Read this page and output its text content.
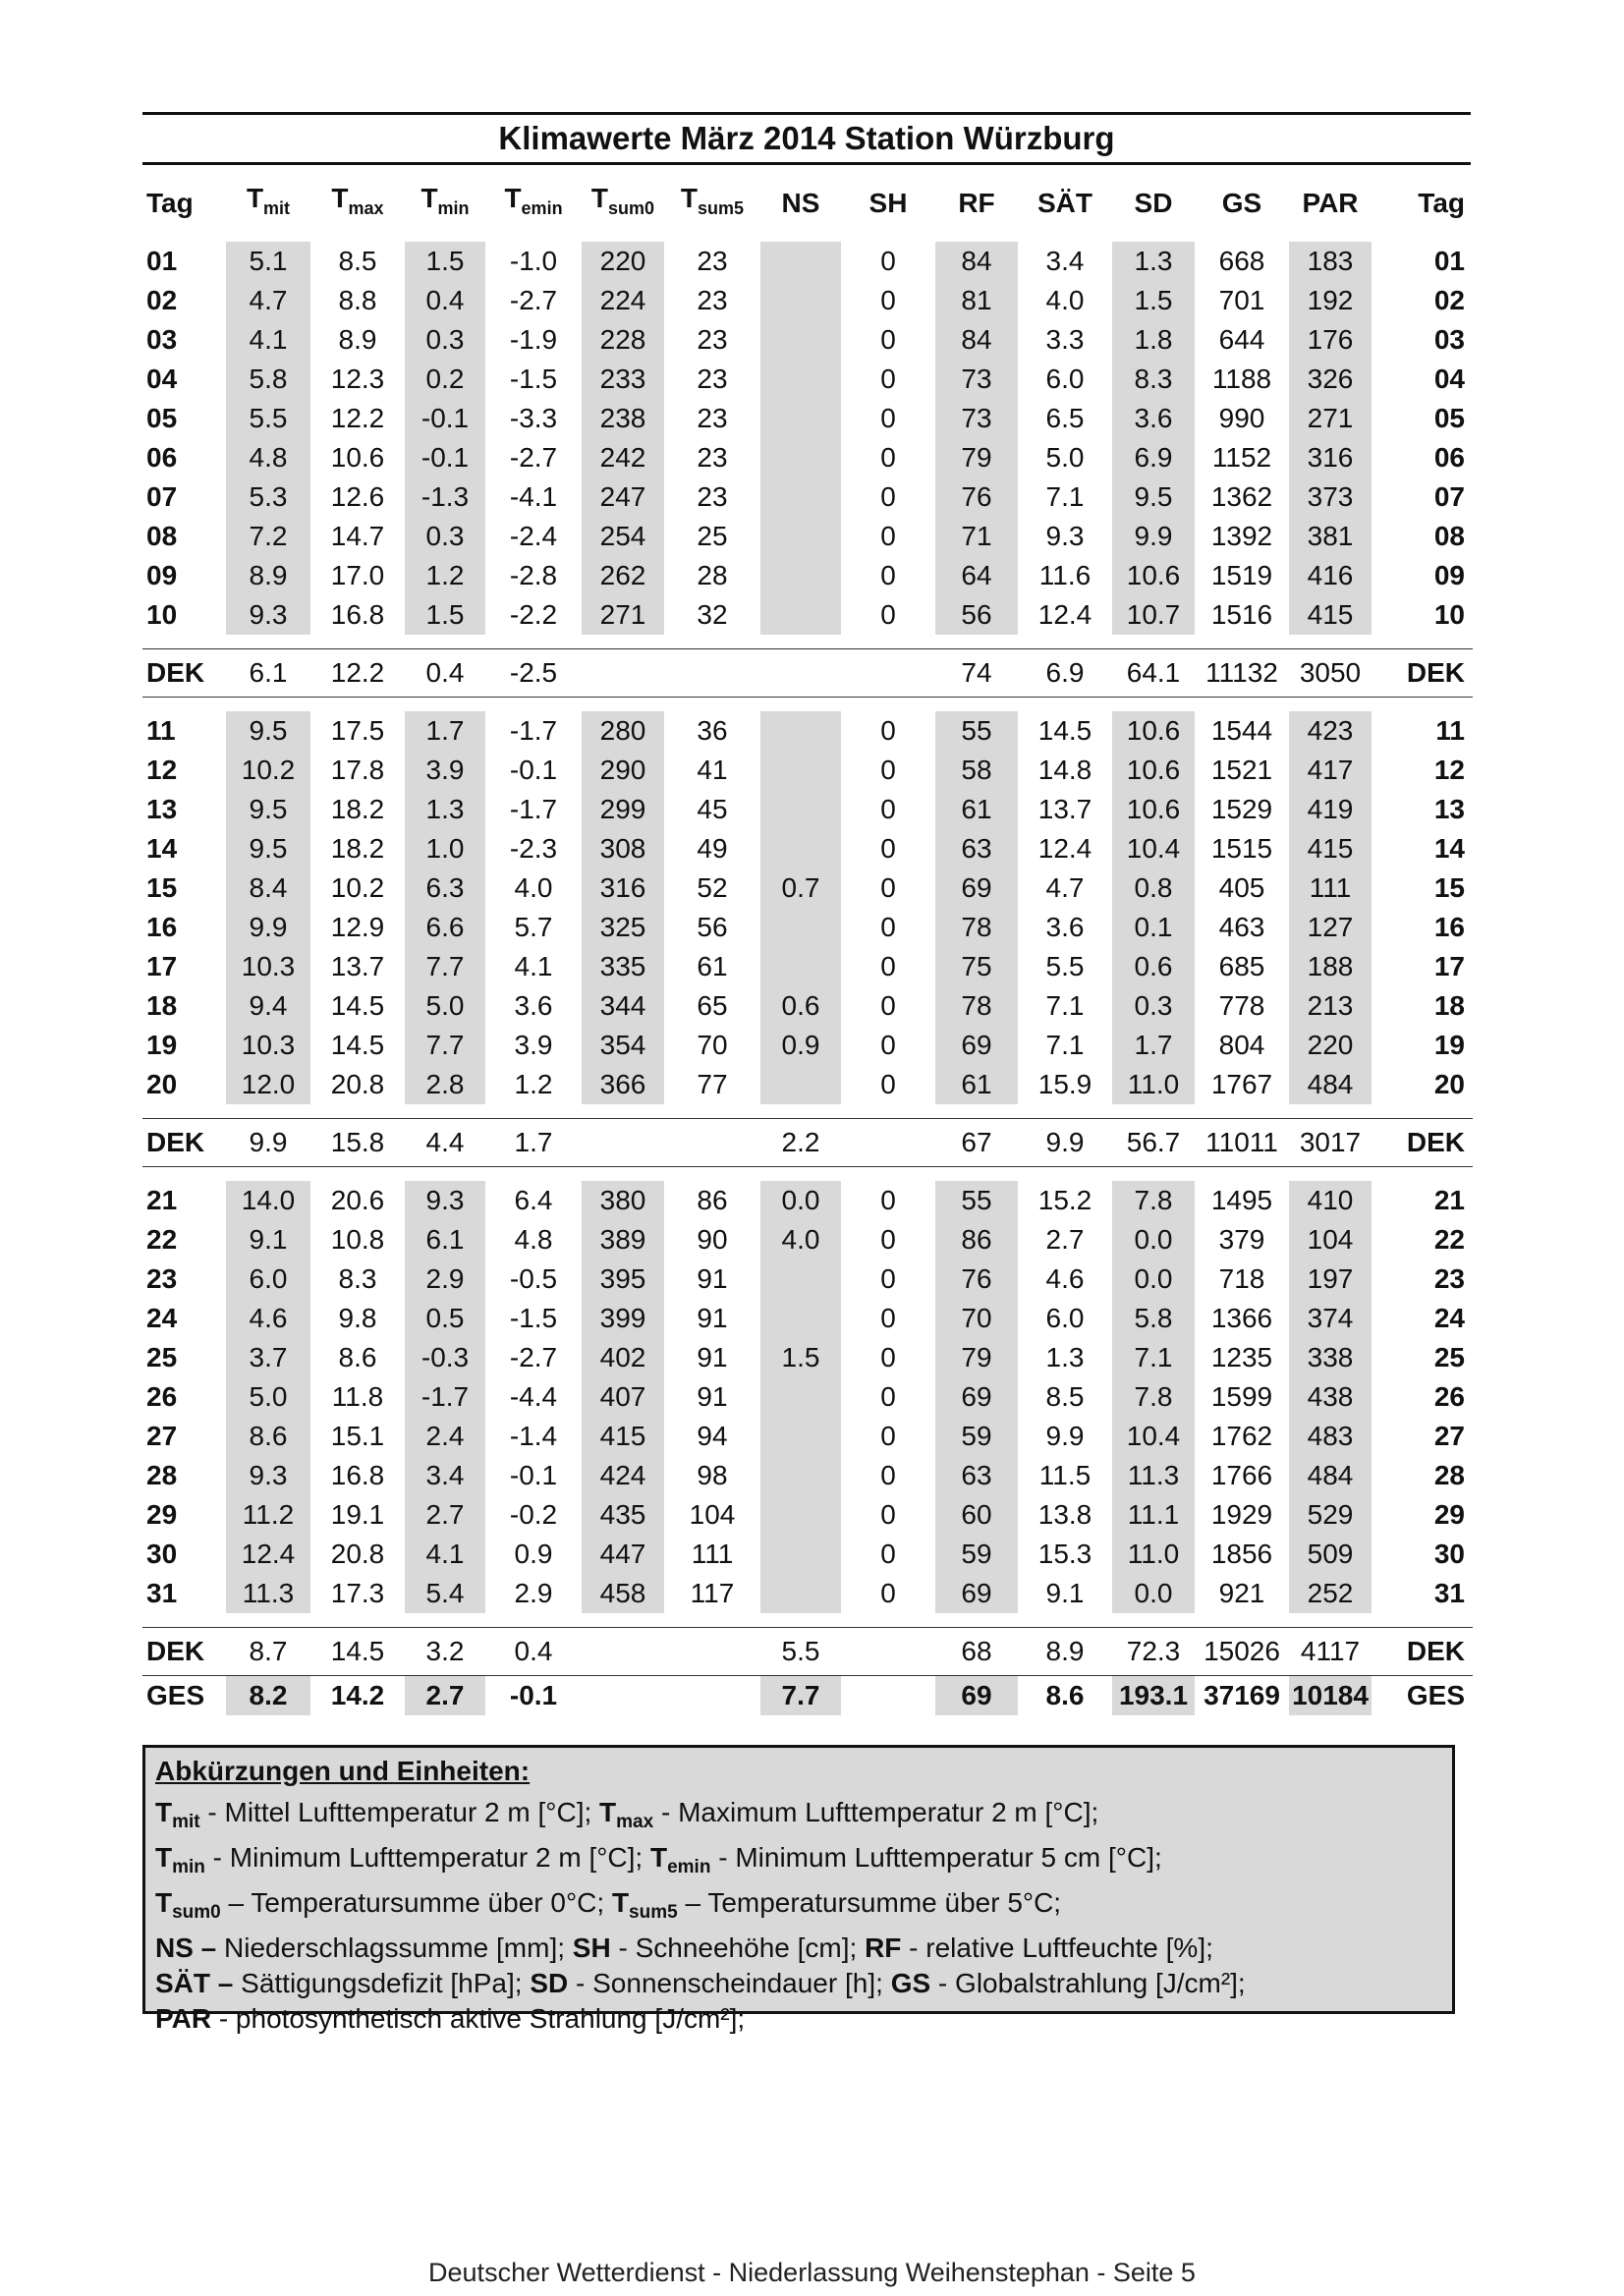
Klimawerte März 2014 Station Würzburg
Tag	$T_{mit}$	$T_{max}$	$T_{min}$	$T_{emin}$	$T_{sum0}$	$T_{sum5}$	NS	SH	RF	SÄT	SD	GS	PAR	Tag

01	5.1	8.5	1.5	-1.0	220	23		0	84	3.4	1.3	668	183	01
02	4.7	8.8	0.4	-2.7	224	23		0	81	4.0	1.5	701	192	02
03	4.1	8.9	0.3	-1.9	228	23		0	84	3.3	1.8	644	176	03
04	5.8	12.3	0.2	-1.5	233	23		0	73	6.0	8.3	1188	326	04
05	5.5	12.2	-0.1	-3.3	238	23		0	73	6.5	3.6	990	271	05
06	4.8	10.6	-0.1	-2.7	242	23		0	79	5.0	6.9	1152	316	06
07	5.3	12.6	-1.3	-4.1	247	23		0	76	7.1	9.5	1362	373	07
08	7.2	14.7	0.3	-2.4	254	25		0	71	9.3	9.9	1392	381	08
09	8.9	17.0	1.2	-2.8	262	28		0	64	11.6	10.6	1519	416	09
10	9.3	16.8	1.5	-2.2	271	32		0	56	12.4	10.7	1516	415	10

DEK	6.1	12.2	0.4	-2.5					74	6.9	64.1	11132	3050	DEK

11	9.5	17.5	1.7	-1.7	280	36		0	55	14.5	10.6	1544	423	11
12	10.2	17.8	3.9	-0.1	290	41		0	58	14.8	10.6	1521	417	12
13	9.5	18.2	1.3	-1.7	299	45		0	61	13.7	10.6	1529	419	13
14	9.5	18.2	1.0	-2.3	308	49		0	63	12.4	10.4	1515	415	14
15	8.4	10.2	6.3	4.0	316	52	0.7	0	69	4.7	0.8	405	111	15
16	9.9	12.9	6.6	5.7	325	56		0	78	3.6	0.1	463	127	16
17	10.3	13.7	7.7	4.1	335	61		0	75	5.5	0.6	685	188	17
18	9.4	14.5	5.0	3.6	344	65	0.6	0	78	7.1	0.3	778	213	18
19	10.3	14.5	7.7	3.9	354	70	0.9	0	69	7.1	1.7	804	220	19
20	12.0	20.8	2.8	1.2	366	77		0	61	15.9	11.0	1767	484	20

DEK	9.9	15.8	4.4	1.7			2.2		67	9.9	56.7	11011	3017	DEK

21	14.0	20.6	9.3	6.4	380	86	0.0	0	55	15.2	7.8	1495	410	21
22	9.1	10.8	6.1	4.8	389	90	4.0	0	86	2.7	0.0	379	104	22
23	6.0	8.3	2.9	-0.5	395	91		0	76	4.6	0.0	718	197	23
24	4.6	9.8	0.5	-1.5	399	91		0	70	6.0	5.8	1366	374	24
25	3.7	8.6	-0.3	-2.7	402	91	1.5	0	79	1.3	7.1	1235	338	25
26	5.0	11.8	-1.7	-4.4	407	91		0	69	8.5	7.8	1599	438	26
27	8.6	15.1	2.4	-1.4	415	94		0	59	9.9	10.4	1762	483	27
28	9.3	16.8	3.4	-0.1	424	98		0	63	11.5	11.3	1766	484	28
29	11.2	19.1	2.7	-0.2	435	104		0	60	13.8	11.1	1929	529	29
30	12.4	20.8	4.1	0.9	447	111		0	59	15.3	11.0	1856	509	30
31	11.3	17.3	5.4	2.9	458	117		0	69	9.1	0.0	921	252	31

DEK	8.7	14.5	3.2	0.4			5.5		68	8.9	72.3	15026	4117	DEK

GES	8.2	14.2	2.7	-0.1			7.7		69	8.6	193.1	37169	10184	GES
Abkürzungen und Einheiten:
$T_{mit}$ - Mittel Lufttemperatur 2 m [°C]; $T_{max}$ - Maximum Lufttemperatur 2 m [°C];
$T_{min}$ - Minimum Lufttemperatur 2 m [°C]; $T_{emin}$ - Minimum Lufttemperatur 5 cm [°C];
$T_{sum0}$ – Temperatursumme über 0°C; $T_{sum5}$ – Temperatursumme über 5°C;
NS – Niederschlagssumme [mm]; SH - Schneehöhe [cm]; RF - relative Luftfeuchte [%];
SÄT – Sättigungsdefizit [hPa]; SD - Sonnenscheindauer [h]; GS - Globalstrahlung [J/cm²];
PAR - photosynthetisch aktive Strahlung [J/cm²];
Deutscher Wetterdienst - Niederlassung Weihenstephan - Seite 5
